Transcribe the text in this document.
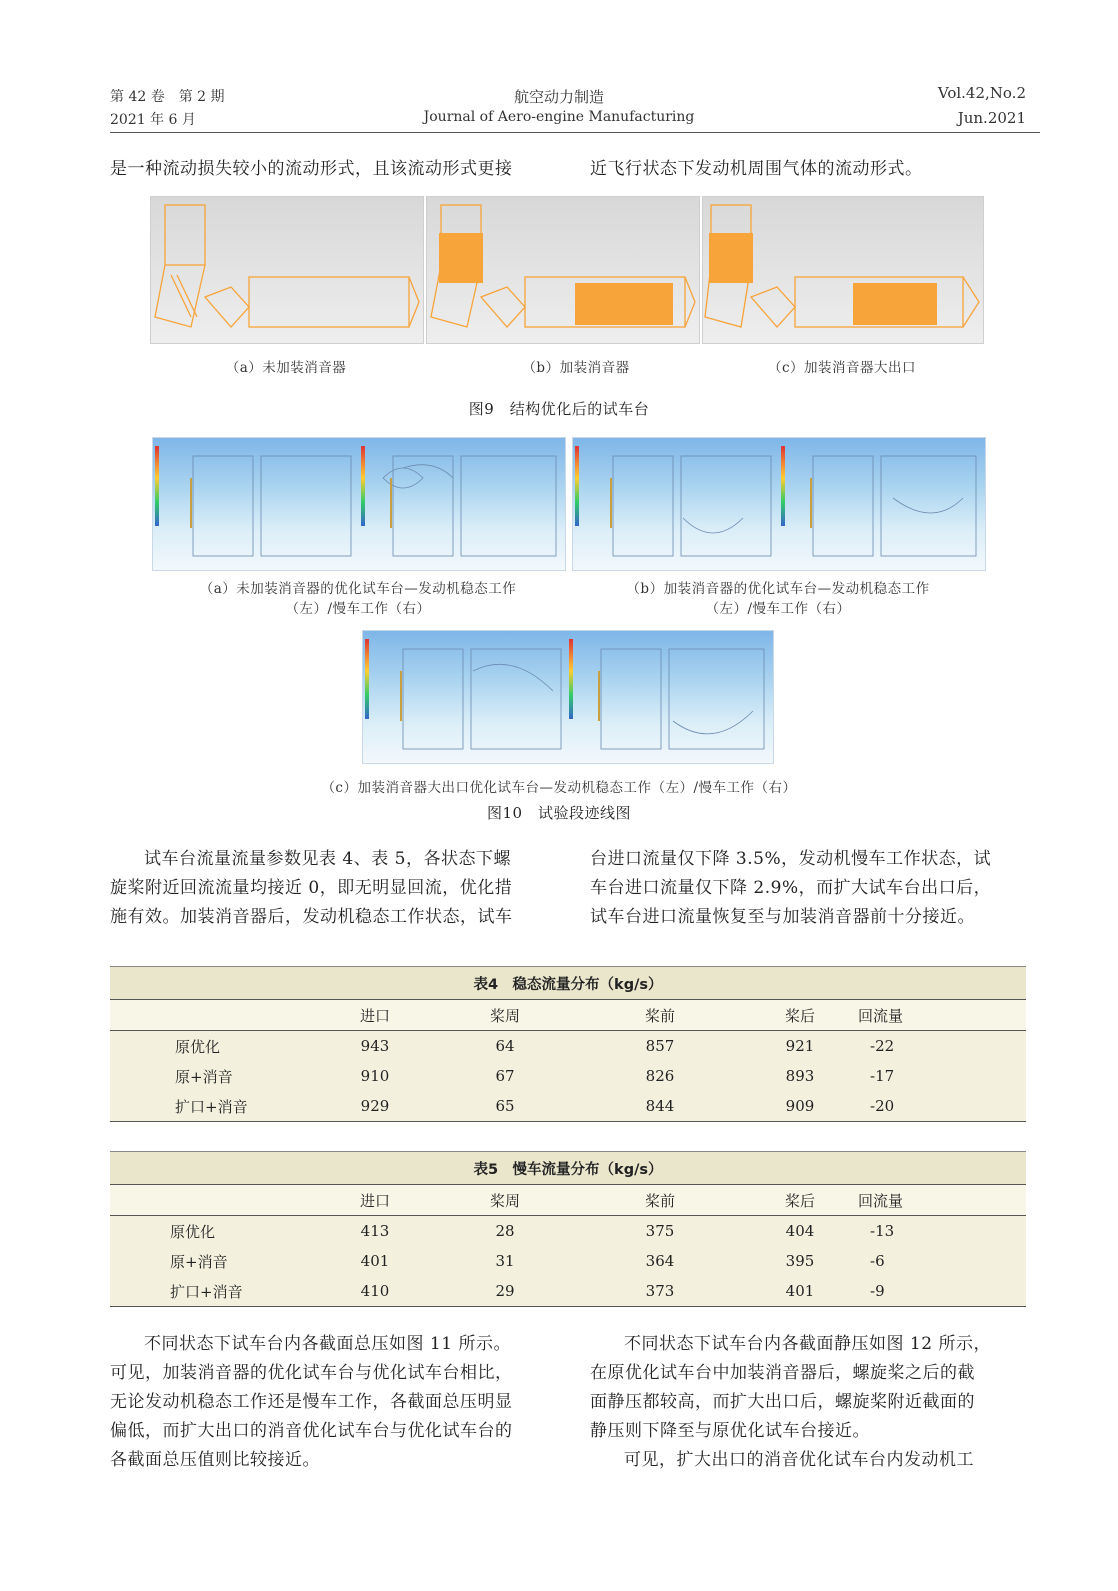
第 42 卷　第 2 期
2021 年 6 月
航空动力制造
Journal of Aero-engine Manufacturing
Vol.42,No.2
Jun.2021
是一种流动损失较小的流动形式，且该流动形式更接	近飞行状态下发动机周围气体的流动形式。
（a）未加装消音器	（b）加装消音器	（c）加装消音器大出口
图9　结构优化后的试车台
（a）未加装消音器的优化试车台—发动机稳态工作
（左）/慢车工作（右）
（b）加装消音器的优化试车台—发动机稳态工作
（左）/慢车工作（右）
（c）加装消音器大出口优化试车台—发动机稳态工作（左）/慢车工作（右）
图10　试验段迹线图
试车台流量流量参数见表 4、表 5，各状态下螺
旋桨附近回流流量均接近 0，即无明显回流，优化措
施有效。加装消音器后，发动机稳态工作状态，试车
台进口流量仅下降 3.5%，发动机慢车工作状态，试
车台进口流量仅下降 2.9%，而扩大试车台出口后，
试车台进口流量恢复至与加装消音器前十分接近。
表4　稳态流量分布（kg/s）					
	进口	桨周	桨前	桨后	回流量
原优化	943	64	857	921	-22
原+消音	910	67	826	893	-17
扩口+消音	929	65	844	909	-20
表5　慢车流量分布（kg/s）					
	进口	桨周	桨前	桨后	回流量
原优化	413	28	375	404	-13
原+消音	401	31	364	395	-6
扩口+消音	410	29	373	401	-9
不同状态下试车台内各截面总压如图 11 所示。
可见，加装消音器的优化试车台与优化试车台相比，
无论发动机稳态工作还是慢车工作，各截面总压明显
偏低，而扩大出口的消音优化试车台与优化试车台的
各截面总压值则比较接近。
不同状态下试车台内各截面静压如图 12 所示，
在原优化试车台中加装消音器后，螺旋桨之后的截
面静压都较高，而扩大出口后，螺旋桨附近截面的
静压则下降至与原优化试车台接近。
可见，扩大出口的消音优化试车台内发动机工
